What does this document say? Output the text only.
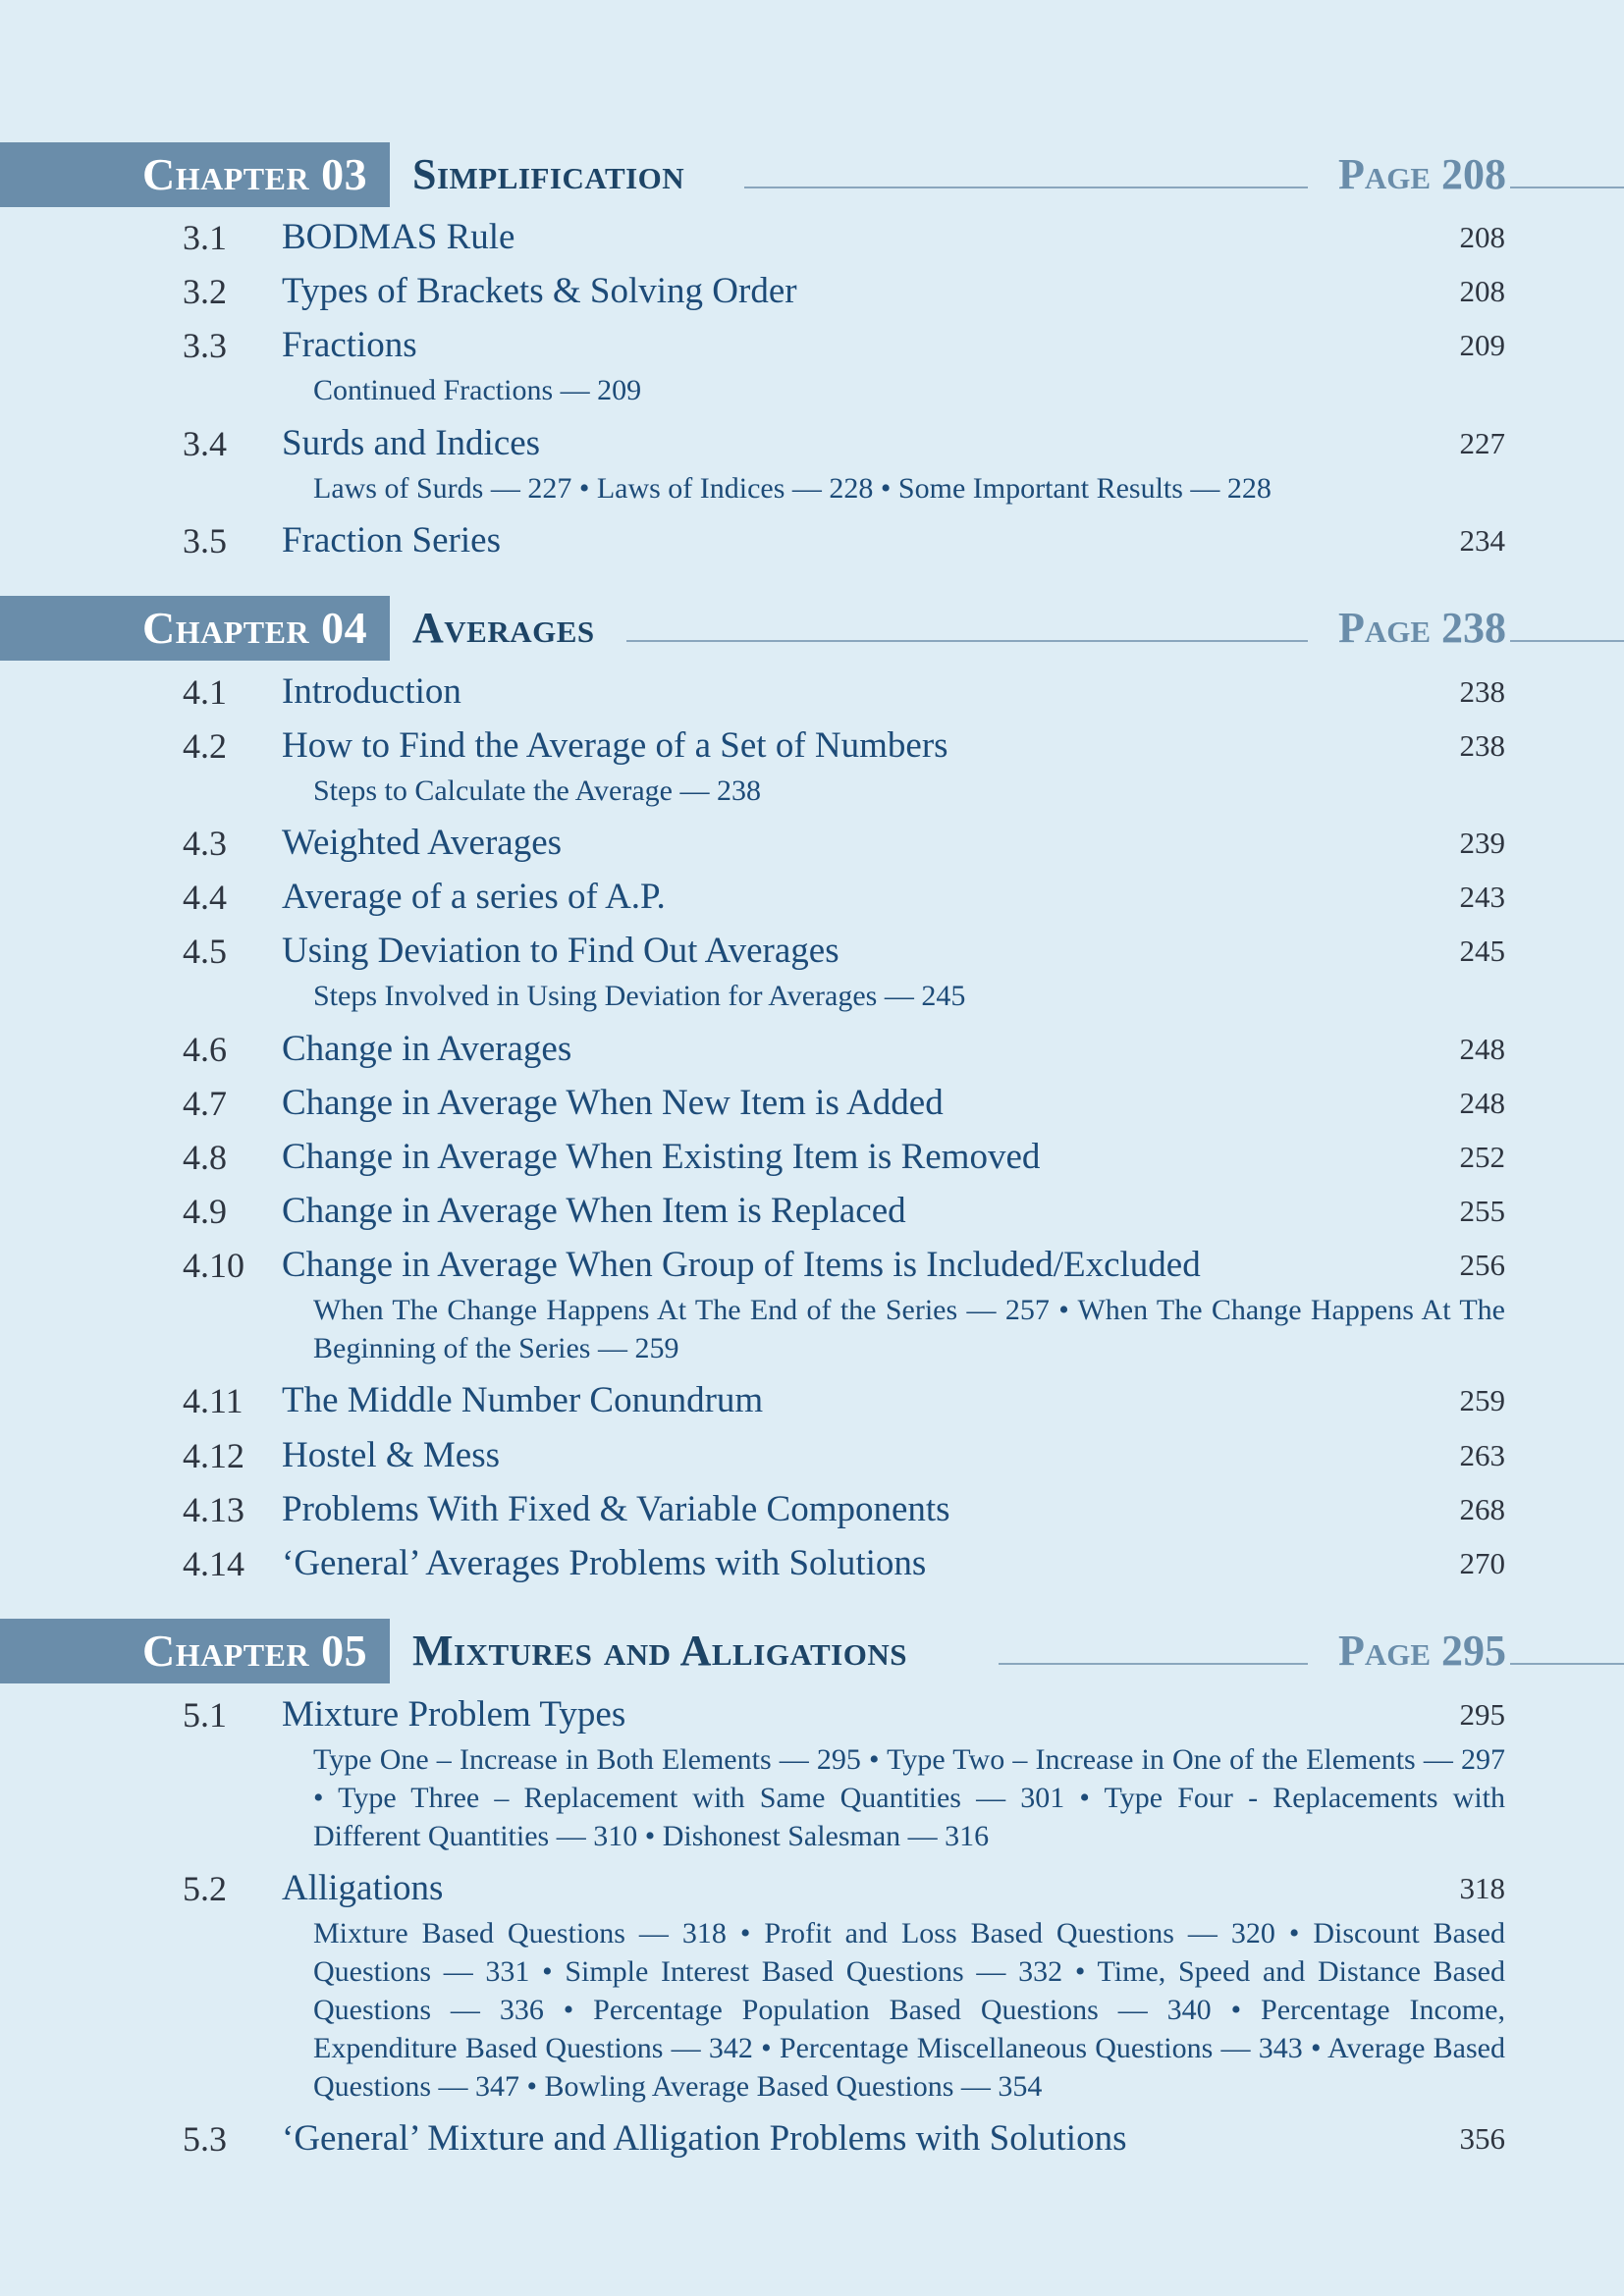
Chapter 03	Simplification	Page 208
3.1 BODMAS Rule	208
3.2 Types of Brackets & Solving Order	208
3.3 Fractions	209
Continued Fractions — 209
3.4 Surds and Indices	227
Laws of Surds — 227 • Laws of Indices — 228 • Some Important Results — 228
3.5 Fraction Series	234
Chapter 04	Averages	Page 238
4.1 Introduction	238
4.2 How to Find the Average of a Set of Numbers	238
Steps to Calculate the Average — 238
4.3 Weighted Averages	239
4.4 Average of a series of A.P.	243
4.5 Using Deviation to Find Out Averages	245
Steps Involved in Using Deviation for Averages — 245
4.6 Change in Averages	248
4.7 Change in Average When New Item is Added	248
4.8 Change in Average When Existing Item is Removed	252
4.9 Change in Average When Item is Replaced	255
4.10 Change in Average When Group of Items is Included/Excluded	256
When The Change Happens At The End of the Series — 257 • When The Change Happens At The Beginning of the Series — 259
4.11 The Middle Number Conundrum	259
4.12 Hostel & Mess	263
4.13 Problems With Fixed & Variable Components	268
4.14 ‘General’ Averages Problems with Solutions	270
Chapter 05	Mixtures and Alligations	Page 295
5.1 Mixture Problem Types	295
Type One – Increase in Both Elements — 295 • Type Two – Increase in One of the Elements — 297 • Type Three – Replacement with Same Quantities — 301 • Type Four - Replacements with Different Quantities — 310 • Dishonest Salesman — 316
5.2 Alligations	318
Mixture Based Questions — 318 • Profit and Loss Based Questions — 320 • Discount Based Questions — 331 • Simple Interest Based Questions — 332 • Time, Speed and Distance Based Questions — 336 • Percentage Population Based Questions — 340 • Percentage Income, Expenditure Based Questions — 342 • Percentage Miscellaneous Questions — 343 • Average Based Questions — 347 • Bowling Average Based Questions — 354
5.3 ‘General’ Mixture and Alligation Problems with Solutions	356
